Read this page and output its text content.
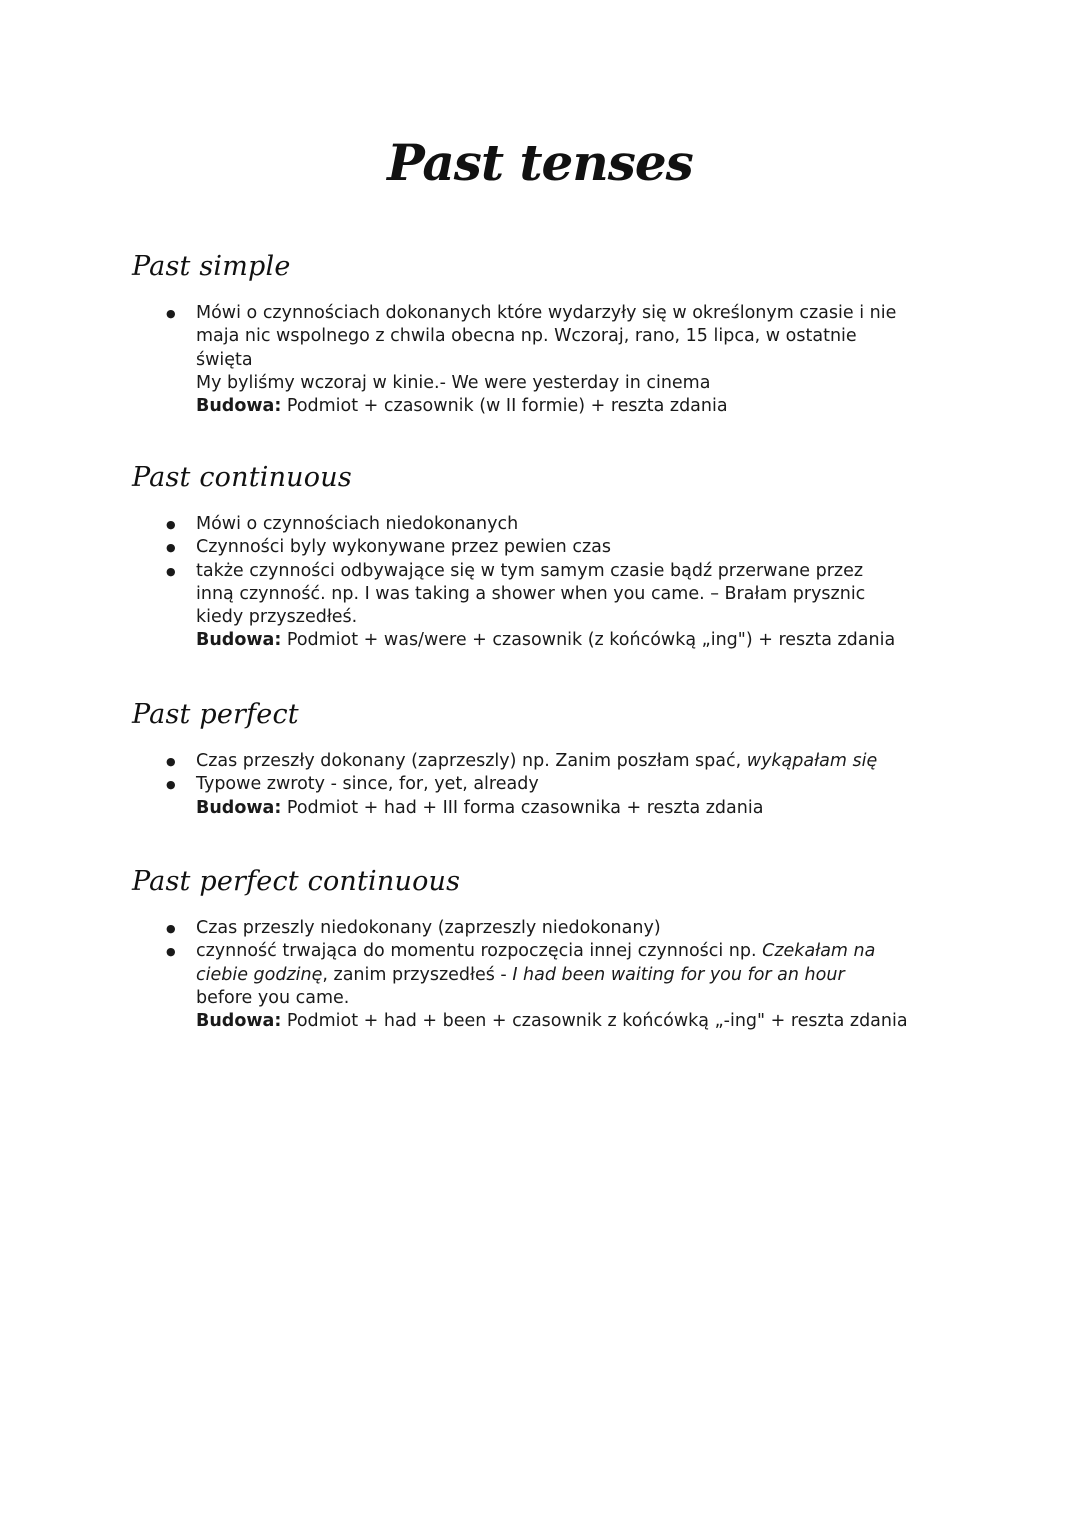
Past tenses
Past simple
● Mówi o czynnościach dokonanych które wydarzyły się w określonym czasie i nie
maja nic wspolnego z chwila obecna np. Wczoraj, rano, 15 lipca, w ostatnie
święta
My byliśmy wczoraj w kinie.- We were yesterday in cinema
Budowa: Podmiot + czasownik (w II formie) + reszta zdania
Past continuous
● Mówi o czynnościach niedokonanych
● Czynności byly wykonywane przez pewien czas
● także czynności odbywające się w tym samym czasie bądź przerwane przez
inną czynność. np. I was taking a shower when you came. – Brałam prysznic
kiedy przyszedłeś.
Budowa: Podmiot + was/were + czasownik (z końcówką „ing") + reszta zdania
Past perfect
● Czas przeszły dokonany (zaprzeszly) np. Zanim poszłam spać, wykąpałam się
● Typowe zwroty - since, for, yet, already
Budowa: Podmiot + had + III forma czasownika + reszta zdania
Past perfect continuous
● Czas przeszly niedokonany (zaprzeszly niedokonany)
● czynność trwająca do momentu rozpoczęcia innej czynności np. Czekałam na
ciebie godzinę, zanim przyszedłeś - I had been waiting for you for an hour
before you came.
Budowa: Podmiot + had + been + czasownik z końcówką „-ing" + reszta zdania
